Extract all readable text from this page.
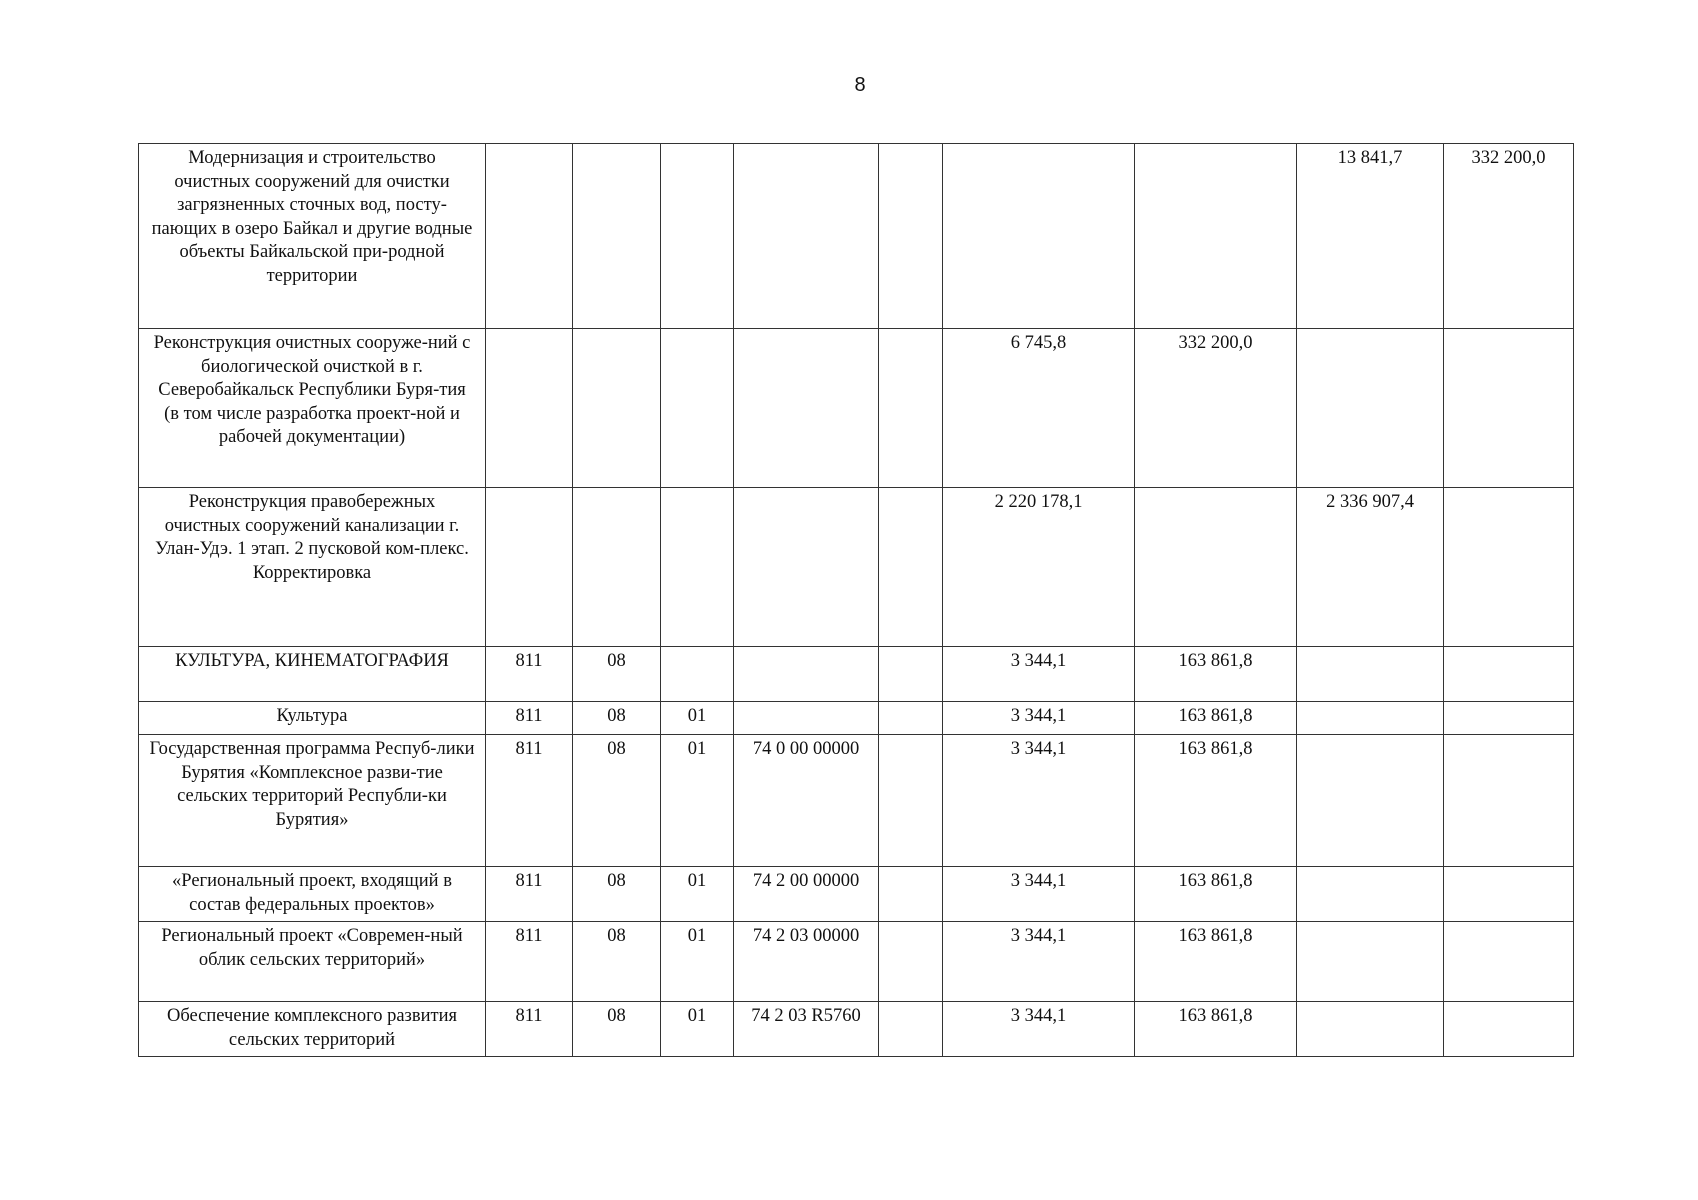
8
Модернизация и строительство очистных сооружений для очистки загрязненных сточных вод, посту-пающих в озеро Байкал и другие водные объекты Байкальской при-родной территории								13 841,7	332 200,0
Реконструкция очистных сооруже-ний с биологической очисткой в г. Северобайкальск Республики Буря-тия (в том числе разработка проект-ной и рабочей документации)						6 745,8	332 200,0		
Реконструкция правобережных очистных сооружений канализации г. Улан-Удэ. 1 этап. 2 пусковой ком-плекс. Корректировка						2 220 178,1		2 336 907,4	
КУЛЬТУРА, КИНЕМАТОГРАФИЯ	811	08				3 344,1	163 861,8		
Культура	811	08	01			3 344,1	163 861,8		
Государственная программа Респуб-лики Бурятия «Комплексное разви-тие сельских территорий Республи-ки Бурятия»	811	08	01	74 0 00 00000		3 344,1	163 861,8		
«Региональный проект, входящий в состав федеральных проектов»	811	08	01	74 2 00 00000		3 344,1	163 861,8		
Региональный проект «Современ-ный облик сельских территорий»	811	08	01	74 2 03 00000		3 344,1	163 861,8		
Обеспечение комплексного развития сельских территорий	811	08	01	74 2 03 R5760		3 344,1	163 861,8		
